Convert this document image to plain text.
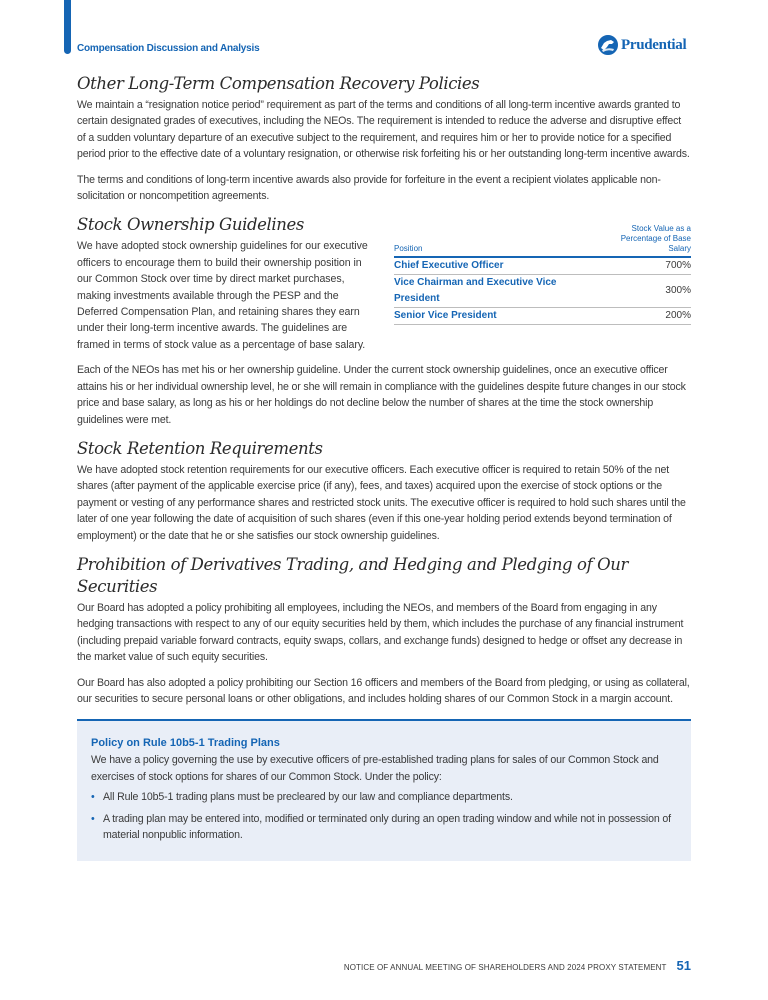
Compensation Discussion and Analysis	Prudential
Other Long-Term Compensation Recovery Policies

We maintain a “resignation notice period” requirement as part of the terms and conditions of all long-term incentive awards granted to certain designated grades of executives, including the NEOs. The requirement is intended to reduce the adverse and disruptive effect of a sudden voluntary departure of an executive subject to the requirement, and requires him or her to provide notice for a specified period prior to the effective date of a voluntary resignation, or otherwise risk forfeiting his or her outstanding long-term incentive awards.

The terms and conditions of long-term incentive awards also provide for forfeiture in the event a recipient violates applicable non-solicitation or noncompetition agreements.

Stock Ownership Guidelines

We have adopted stock ownership guidelines for our executive officers to encourage them to build their ownership position in our Common Stock over time by direct market purchases, making investments available through the PESP and the Deferred Compensation Plan, and retaining shares they earn under their long-term incentive awards. The guidelines are framed in terms of stock value as a percentage of base salary.

Position	Stock Value as a
Percentage of Base Salary
Chief Executive Officer	700%
Vice Chairman and Executive Vice President	300%
Senior Vice President	200%

Each of the NEOs has met his or her ownership guideline. Under the current stock ownership guidelines, once an executive officer attains his or her individual ownership level, he or she will remain in compliance with the guidelines despite future changes in our stock price and base salary, as long as his or her holdings do not decline below the number of shares at the time the stock ownership guidelines were met.

Stock Retention Requirements

We have adopted stock retention requirements for our executive officers. Each executive officer is required to retain 50% of the net shares (after payment of the applicable exercise price (if any), fees, and taxes) acquired upon the exercise of stock options or the payment or vesting of any performance shares and restricted stock units. The executive officer is required to hold such shares until the later of one year following the date of acquisition of such shares (even if this one-year holding period extends beyond termination of employment) or the date that he or she satisfies our stock ownership guidelines.

Prohibition of Derivatives Trading, and Hedging and Pledging of Our Securities

Our Board has adopted a policy prohibiting all employees, including the NEOs, and members of the Board from engaging in any hedging transactions with respect to any of our equity securities held by them, which includes the purchase of any financial instrument (including prepaid variable forward contracts, equity swaps, collars, and exchange funds) designed to hedge or offset any decrease in the market value of such equity securities.

Our Board has also adopted a policy prohibiting our Section 16 officers and members of the Board from pledging, or using as collateral, our securities to secure personal loans or other obligations, and includes holding shares of our Common Stock in a margin account.

Policy on Rule 10b5-1 Trading Plans

We have a policy governing the use by executive officers of pre-established trading plans for sales of our Common Stock and exercises of stock options for shares of our Common Stock. Under the policy:

• All Rule 10b5-1 trading plans must be precleared by our law and compliance departments.
• A trading plan may be entered into, modified or terminated only during an open trading window and while not in possession of material nonpublic information.
NOTICE OF ANNUAL MEETING OF SHAREHOLDERS AND 2024 PROXY STATEMENT 51
